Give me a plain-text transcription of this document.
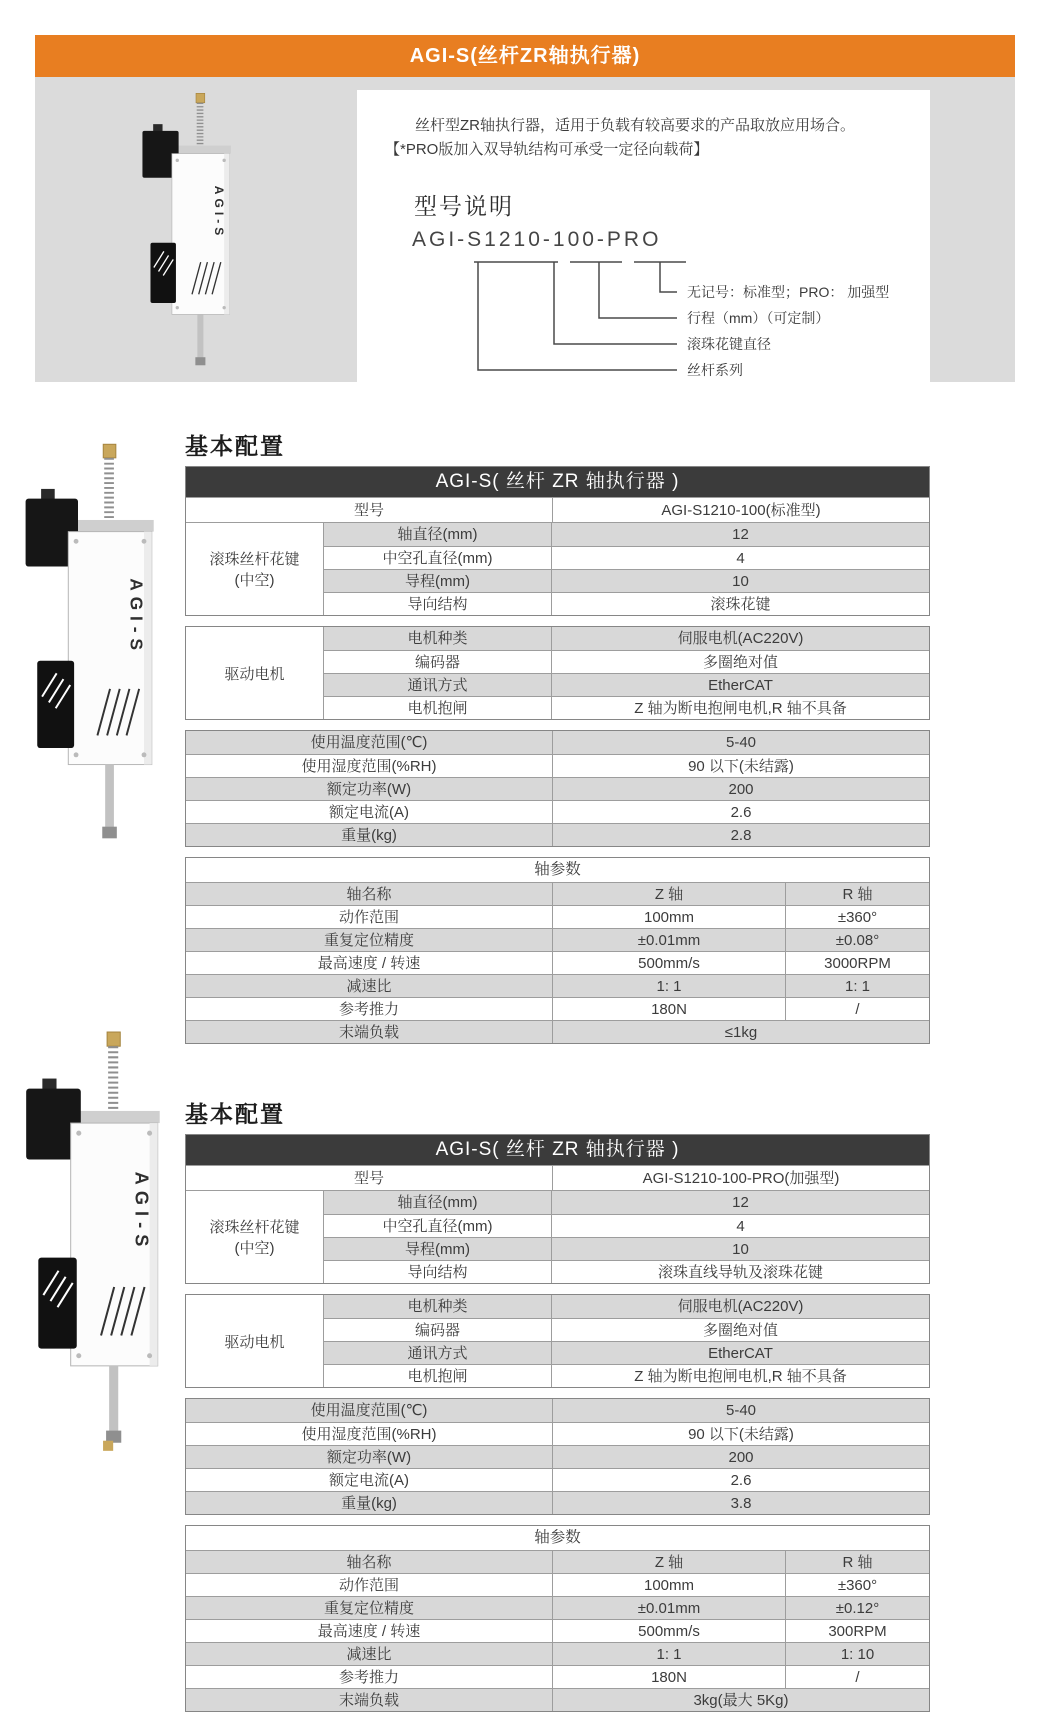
AGI-S(丝杆ZR轴执行器)
AGI-S
丝杆型ZR轴执行器，适用于负载有较高要求的产品取放应用场合。
【*PRO版加入双导轨结构可承受一定径向载荷】
型号说明
AGI-S1210-100-PRO
无记号：标准型；PRO： 加强型
行程（mm）（可定制）
滚珠花键直径
丝杆系列
基本配置
AGI-S
AGI-S( 丝杆 ZR 轴执行器 )
型号	AGI-S1210-100(标准型)
滚珠丝杆花键
(中空)
轴直径(mm)	12
中空孔直径(mm)	4
导程(mm)	10
导向结构	滚珠花键
驱动电机
电机种类	伺服电机(AC220V)
编码器	多圈绝对值
通讯方式	EtherCAT
电机抱闸	Z 轴为断电抱闸电机,R 轴不具备
使用温度范围(℃)	5-40
使用湿度范围(%RH)	90 以下(未结露)
额定功率(W)	200
额定电流(A)	2.6
重量(kg)	2.8
轴参数
轴名称	Z 轴	R 轴
动作范围	100mm	±360°
重复定位精度	±0.01mm	±0.08°
最高速度 / 转速	500mm/s	3000RPM
减速比	1: 1	1: 1
参考推力	180N	/
末端负载	≤1kg
基本配置
AGI-S
AGI-S( 丝杆 ZR 轴执行器 )
型号	AGI-S1210-100-PRO(加强型)
滚珠丝杆花键
(中空)
轴直径(mm)	12
中空孔直径(mm)	4
导程(mm)	10
导向结构	滚珠直线导轨及滚珠花键
驱动电机
电机种类	伺服电机(AC220V)
编码器	多圈绝对值
通讯方式	EtherCAT
电机抱闸	Z 轴为断电抱闸电机,R 轴不具备
使用温度范围(℃)	5-40
使用湿度范围(%RH)	90 以下(未结露)
额定功率(W)	200
额定电流(A)	2.6
重量(kg)	3.8
轴参数
轴名称	Z 轴	R 轴
动作范围	100mm	±360°
重复定位精度	±0.01mm	±0.12°
最高速度 / 转速	500mm/s	300RPM
减速比	1: 1	1: 10
参考推力	180N	/
末端负载	3kg(最大 5Kg)
